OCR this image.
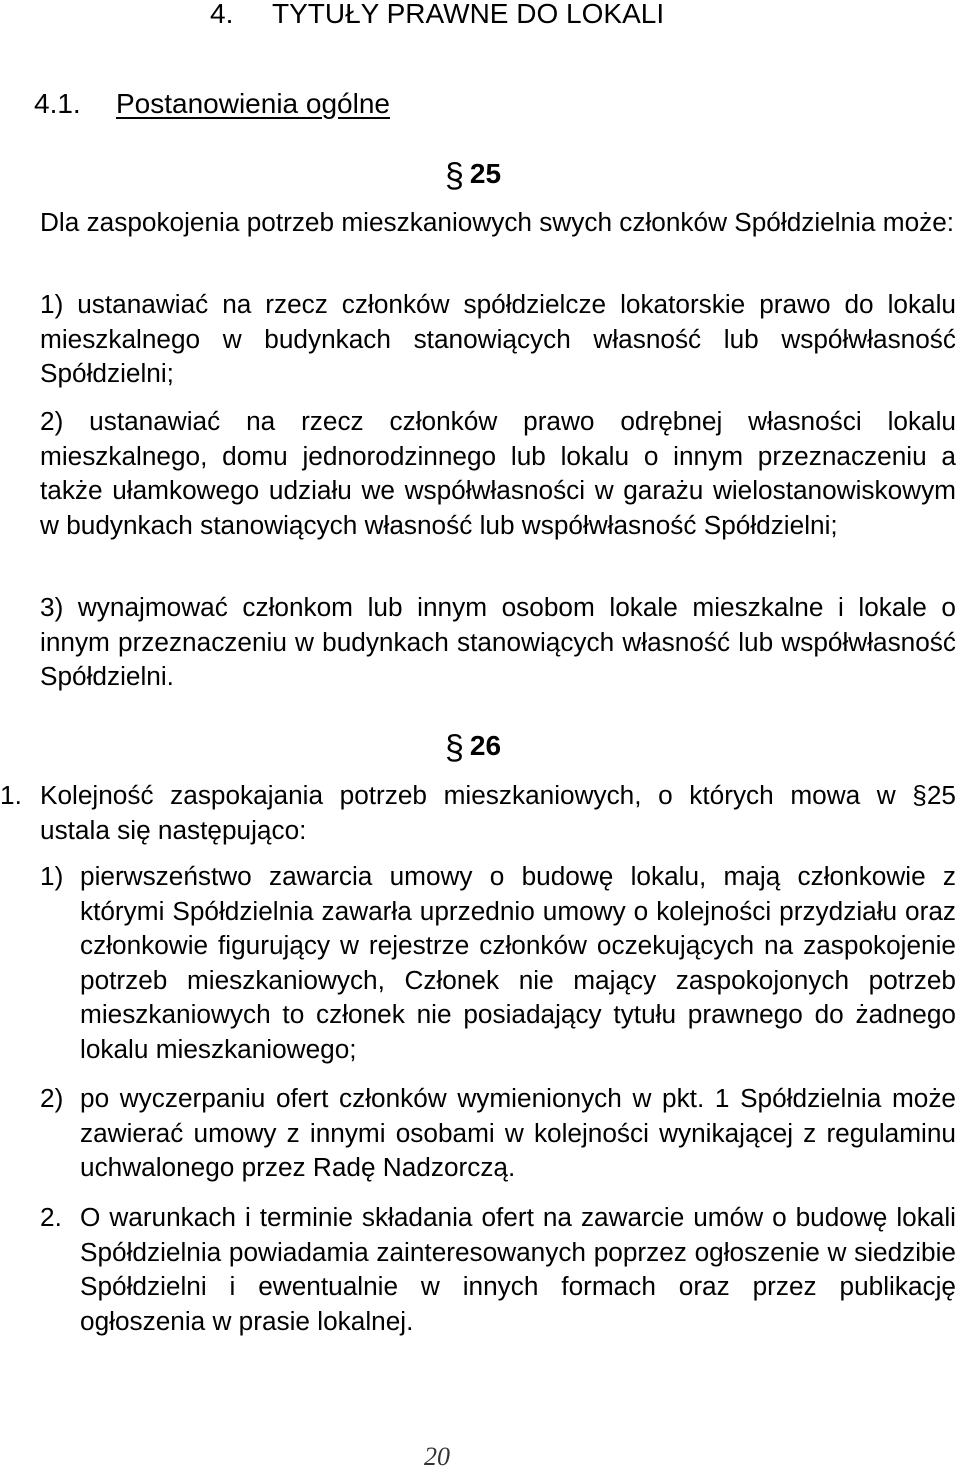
4. TYTUŁY PRAWNE DO LOKALI
4.1. Postanowienia ogólne
§ 25

Dla zaspokojenia potrzeb mieszkaniowych swych członków Spółdzielnia może:

1) ustanawiać na rzecz członków spółdzielcze lokatorskie prawo do lokalu mieszkalnego w budynkach stanowiących własność lub współwłasność Spółdzielni;

2) ustanawiać na rzecz członków prawo odrębnej własności lokalu mieszkalnego, domu jednorodzinnego lub lokalu o innym przeznaczeniu a także ułamkowego udziału we współwłasności w garażu wielostanowiskowym w budynkach stanowiących własność lub współwłasność Spółdzielni;

3) wynajmować członkom lub innym osobom lokale mieszkalne i lokale o innym przeznaczeniu w budynkach stanowiących własność lub współwłasność Spółdzielni.

§ 26
1. Kolejność zaspokajania potrzeb mieszkaniowych, o których mowa w §25 ustala się następująco:

1) pierwszeństwo zawarcia umowy o budowę lokalu, mają członkowie z którymi Spółdzielnia zawarła uprzednio umowy o kolejności przydziału oraz członkowie figurujący w rejestrze członków oczekujących na zaspokojenie potrzeb mieszkaniowych, Członek nie mający zaspokojonych potrzeb mieszkaniowych to członek nie posiadający tytułu prawnego do żadnego lokalu mieszkaniowego;
2) po wyczerpaniu ofert członków wymienionych w pkt. 1 Spółdzielnia może zawierać umowy z innymi osobami w kolejności wynikającej z regulaminu uchwalonego przez Radę Nadzorczą.
2. O warunkach i terminie składania ofert na zawarcie umów o budowę lokali Spółdzielnia powiadamia zainteresowanych poprzez ogłoszenie w siedzibie Spółdzielni i ewentualnie w innych formach oraz przez publikację ogłoszenia w prasie lokalnej.
20
